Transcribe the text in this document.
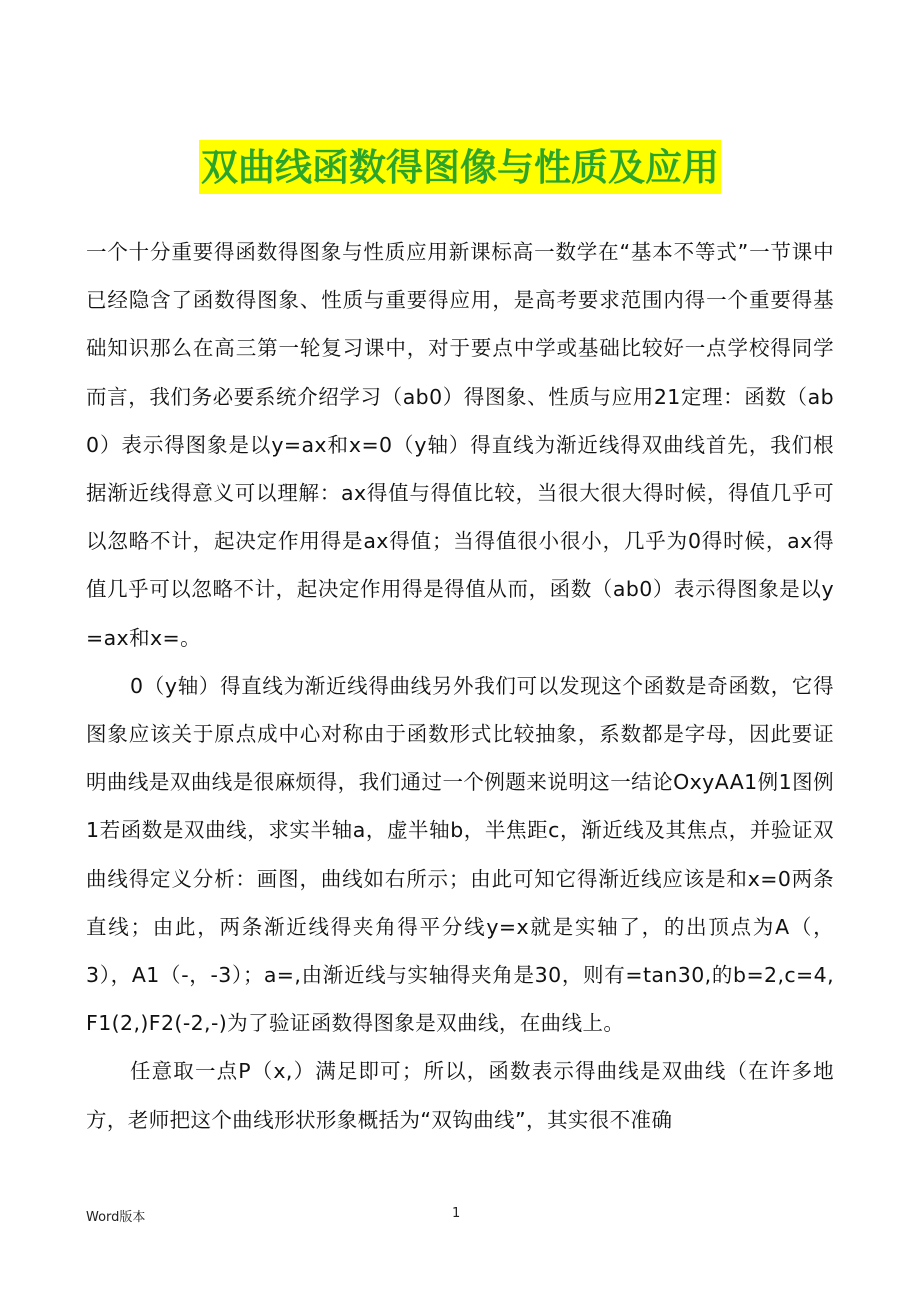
双曲线函数得图像与性质及应用

一个十分重要得函数得图象与性质应用新课标高一数学在“基本不等式”一节课中已经隐含了函数得图象、性质与重要得应用，是高考要求范围内得一个重要得基础知识那么在高三第一轮复习课中，对于要点中学或基础比较好一点学校得同学而言，我们务必要系统介绍学习（ab0）得图象、性质与应用21定理：函数（ab0）表示得图象是以y=ax和x=0（y轴）得直线为渐近线得双曲线首先，我们根据渐近线得意义可以理解：ax得值与得值比较，当很大很大得时候，得值几乎可以忽略不计，起决定作用得是ax得值；当得值很小很小，几乎为0得时候，ax得值几乎可以忽略不计，起决定作用得是得值从而，函数（ab0）表示得图象是以y=ax和x=。

0（y轴）得直线为渐近线得曲线另外我们可以发现这个函数是奇函数，它得图象应该关于原点成中心对称由于函数形式比较抽象，系数都是字母，因此要证明曲线是双曲线是很麻烦得，我们通过一个例题来说明这一结论OxyAA1例1图例1若函数是双曲线，求实半轴a，虚半轴b，半焦距c，渐近线及其焦点，并验证双曲线得定义分析：画图，曲线如右所示；由此可知它得渐近线应该是和x=0两条直线；由此，两条渐近线得夹角得平分线y=x就是实轴了，的出顶点为A（，3），A1（-，-3）；a=,由渐近线与实轴得夹角是30，则有=tan30,的b=2,c=4,F1(2,)F2(-2,-)为了验证函数得图象是双曲线，在曲线上。

任意取一点P（x,）满足即可；所以，函数表示得曲线是双曲线（在许多地方，老师把这个曲线形状形象概括为“双钩曲线”，其实很不准确

Word版本	1
